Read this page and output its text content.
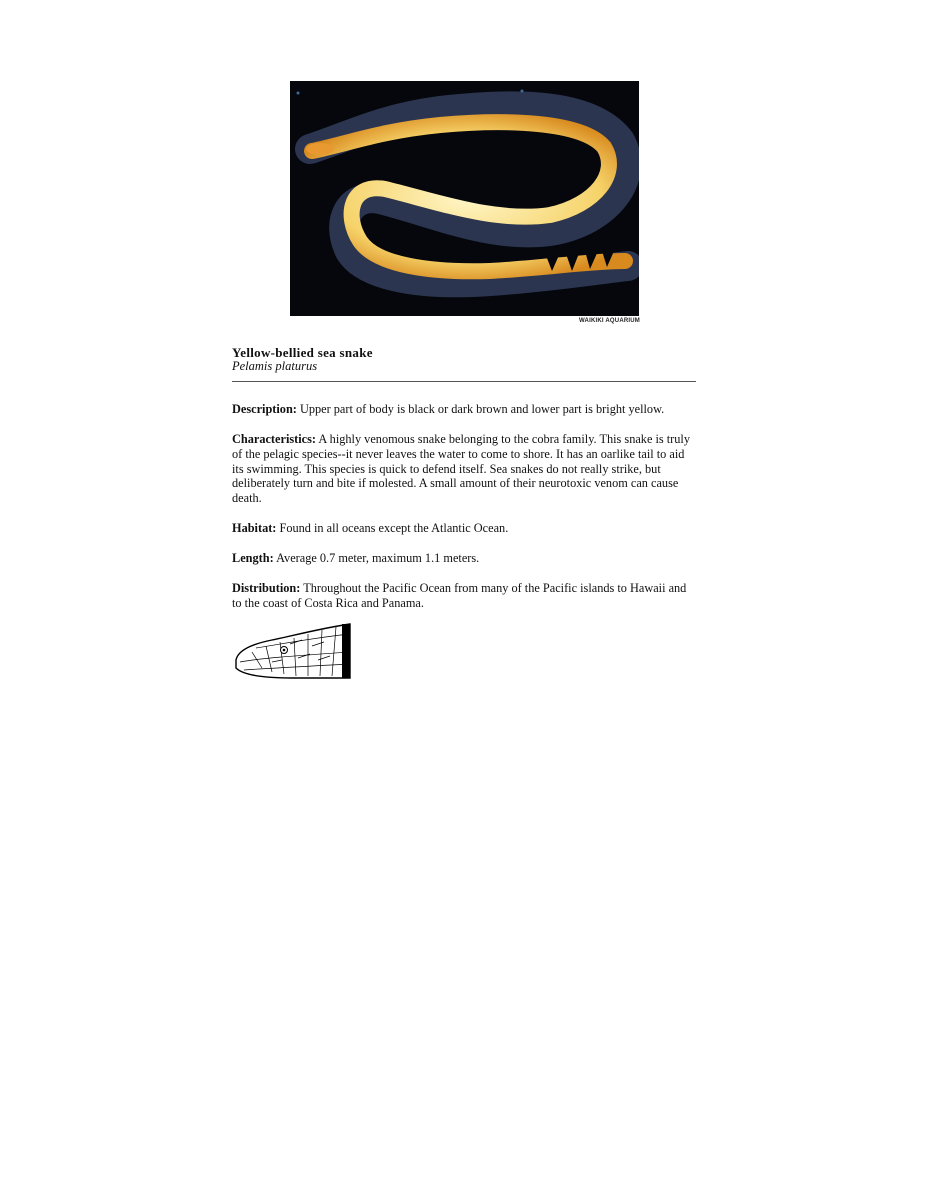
WAIKIKI AQUARIUM
Yellow-bellied sea snake
Pelamis platurus
Description: Upper part of body is black or dark brown and lower part is bright yellow.
Characteristics: A highly venomous snake belonging to the cobra family. This snake is truly of the pelagic species--it never leaves the water to come to shore. It has an oarlike tail to aid its swimming. This species is quick to defend itself. Sea snakes do not really strike, but deliberately turn and bite if molested. A small amount of their neurotoxic venom can cause death.
Habitat: Found in all oceans except the Atlantic Ocean.
Length: Average 0.7 meter, maximum 1.1 meters.
Distribution: Throughout the Pacific Ocean from many of the Pacific islands to Hawaii and to the coast of Costa Rica and Panama.
